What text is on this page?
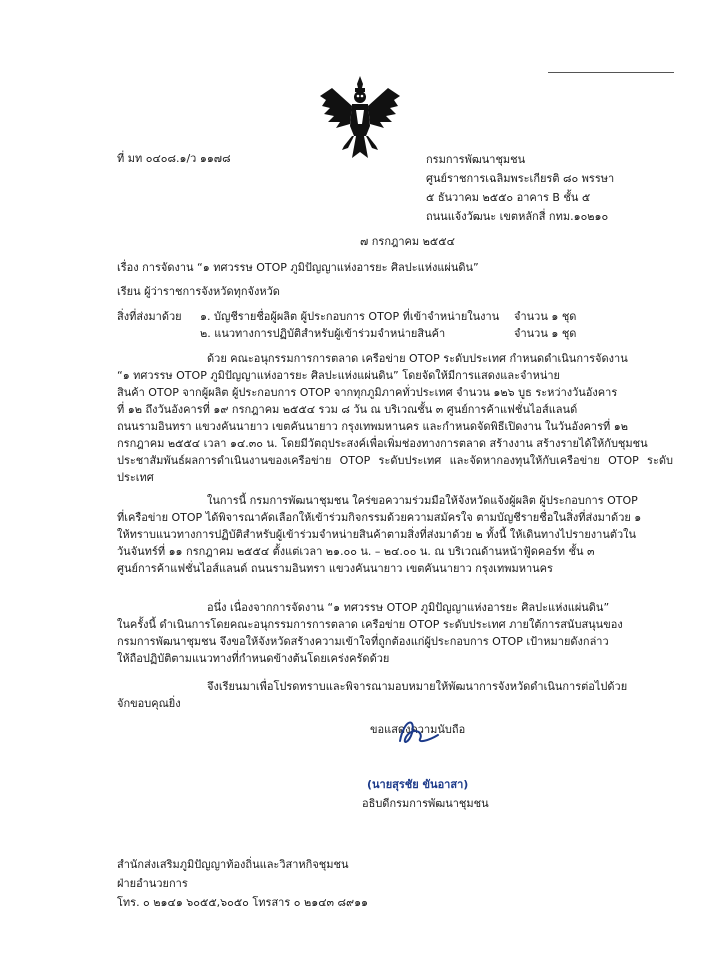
ที่ มท ๐๔๐๘.๑/ว ๑๑๗๘	กรมการพัฒนาชุมชน
ศูนย์ราชการเฉลิมพระเกียรติ ๘๐ พรรษา
๕ ธันวาคม ๒๕๕๐ อาคาร B ชั้น ๕
ถนนแจ้งวัฒนะ เขตหลักสี่ กทม.๑๐๒๑๐
๗ กรกฎาคม ๒๕๕๔
เรื่อง การจัดงาน “๑ ทศวรรษ OTOP ภูมิปัญญาแห่งอารยะ ศิลปะแห่งแผ่นดิน”
เรียน ผู้ว่าราชการจังหวัดทุกจังหวัด
สิ่งที่ส่งมาด้วย ๑. บัญชีรายชื่อผู้ผลิต ผู้ประกอบการ OTOP ที่เข้าจำหน่ายในงาน จำนวน ๑ ชุด
๒. แนวทางการปฏิบัติสำหรับผู้เข้าร่วมจำหน่ายสินค้า	จำนวน ๑ ชุด
ด้วย คณะอนุกรรมการการตลาด เครือข่าย OTOP ระดับประเทศ กำหนดดำเนินการจัดงาน
“๑ ทศวรรษ OTOP ภูมิปัญญาแห่งอารยะ ศิลปะแห่งแผ่นดิน” โดยจัดให้มีการแสดงและจำหน่าย
สินค้า OTOP จากผู้ผลิต ผู้ประกอบการ OTOP จากทุกภูมิภาคทั่วประเทศ จำนวน ๑๒๖ บูธ ระหว่างวันอังคาร
ที่ ๑๒ ถึงวันอังคารที่ ๑๙ กรกฎาคม ๒๕๕๔ รวม ๘ วัน ณ บริเวณชั้น ๓ ศูนย์การค้าแฟชั่นไอส์แลนด์
ถนนรามอินทรา แขวงคันนายาว เขตคันนายาว กรุงเทพมหานคร และกำหนดจัดพิธีเปิดงาน ในวันอังคารที่ ๑๒
กรกฎาคม ๒๕๕๔ เวลา ๑๔.๓๐ น. โดยมีวัตถุประสงค์เพื่อเพิ่มช่องทางการตลาด สร้างงาน สร้างรายได้ให้กับชุมชน
ประชาสัมพันธ์ผลการดำเนินงานของเครือข่าย OTOP ระดับประเทศ และจัดหากองทุนให้กับเครือข่าย OTOP ระดับประเทศ
ในการนี้ กรมการพัฒนาชุมชน ใคร่ขอความร่วมมือให้จังหวัดแจ้งผู้ผลิต ผู้ประกอบการ OTOP
ที่เครือข่าย OTOP ได้พิจารณาคัดเลือกให้เข้าร่วมกิจกรรมด้วยความสมัครใจ ตามบัญชีรายชื่อในสิ่งที่ส่งมาด้วย ๑
ให้ทราบแนวทางการปฏิบัติสำหรับผู้เข้าร่วมจำหน่ายสินค้าตามสิ่งที่ส่งมาด้วย ๒ ทั้งนี้ ให้เดินทางไปรายงานตัวใน
วันจันทร์ที่ ๑๑ กรกฎาคม ๒๕๕๔ ตั้งแต่เวลา ๒๑.๐๐ น. – ๒๔.๐๐ น. ณ บริเวณด้านหน้าฟู้ดคอร์ท ชั้น ๓
ศูนย์การค้าแฟชั่นไอส์แลนด์ ถนนรามอินทรา แขวงคันนายาว เขตคันนายาว กรุงเทพมหานคร
อนึ่ง เนื่องจากการจัดงาน “๑ ทศวรรษ OTOP ภูมิปัญญาแห่งอารยะ ศิลปะแห่งแผ่นดิน”
ในครั้งนี้ ดำเนินการโดยคณะอนุกรรมการการตลาด เครือข่าย OTOP ระดับประเทศ ภายใต้การสนับสนุนของ
กรมการพัฒนาชุมชน จึงขอให้จังหวัดสร้างความเข้าใจที่ถูกต้องแก่ผู้ประกอบการ OTOP เป้าหมายดังกล่าว
ให้ถือปฏิบัติตามแนวทางที่กำหนดข้างต้นโดยเคร่งครัดด้วย
จึงเรียนมาเพื่อโปรดทราบและพิจารณามอบหมายให้พัฒนาการจังหวัดดำเนินการต่อไปด้วย
จักขอบคุณยิ่ง
ขอแสดงความนับถือ
(นายสุรชัย ขันอาสา)
อธิบดีกรมการพัฒนาชุมชน
สำนักส่งเสริมภูมิปัญญาท้องถิ่นและวิสาหกิจชุมชน
ฝ่ายอำนวยการ
โทร. ๐ ๒๑๔๑ ๖๐๕๕,๖๐๕๐ โทรสาร ๐ ๒๑๔๓ ๘๙๑๑
